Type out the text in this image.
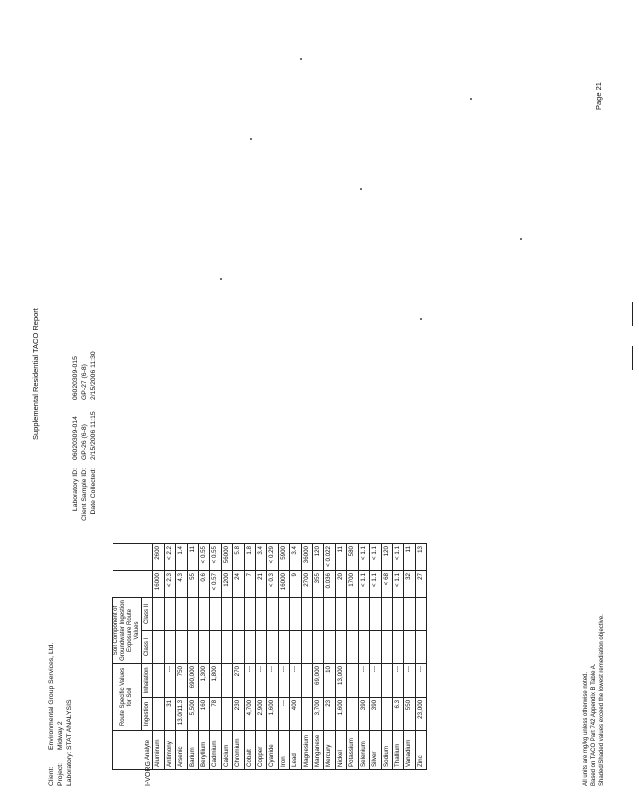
Supplemental Residential TACO Report
Client:
Environmental Group Services, Ltd.
Project:
Midway 2
Laboratory:
STAT ANALYSIS
Laboratory ID: Client Sample ID: Date Collected:
06020309-014 GP-26 (6-8) 2/15/2006 11:15
06020309-015 GP-27 (6-8) 2/15/2006 11:30
I-VORG
Analyte	Route Specific Values for Soil		Soil Component of Groundwater Ingestion Exposure Route Values			

	Ingestion	Inhalation	Class I	Class II		
Aluminum					16000	2600
Antimony	31	---			< 2.3	< 2.2
Arsenic	13.0/11.3	750			4.3	1.4
Barium	5,500	690,000			55	11
Beryllium	160	1,300			0.6	< 0.55
Cadmium	78	1,800			< 0.57	< 0.55
Calcium					1200	56000
Chromium	230	270			24	5.8
Cobalt	4,700	---			7	1.8
Copper	2,900	---			21	3.4
Cyanide	1,600	---			< 0.3	< 0.29
Iron	---	---			16000	5900
Lead	400	---			9	3.4
Magnesium					2700	36000
Manganese	3,700	69,000			355	120
Mercury	23	10			0.036	< 0.022
Nickel	1,600	13,000			20	11
Potassium					1700	580
Selenium	390	---			< 1.1	< 1.1
Silver	390	---			< 1.1	< 1.1
Sodium					< 68	120
Thallium	6.3	---			< 1.1	< 1.1
Vanadium	550	---			32	11
Zinc	23,000	---			27	13
All units are mg/kg unless otherwise noted. Based on TACO Part 742 Appendix B Table A. Shaded/Shaded values exceed the lowest remediation objective.
Page 21
